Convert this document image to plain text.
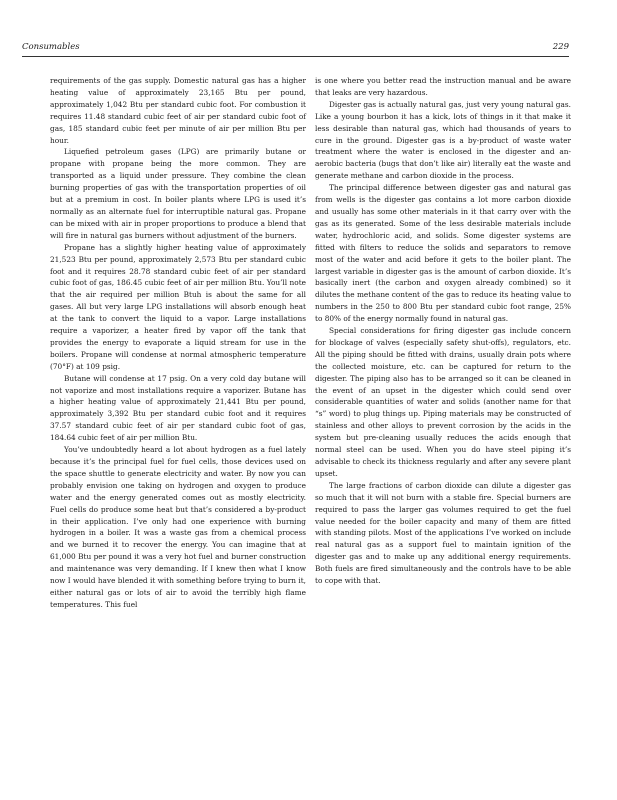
Consumables	229

requirements of the gas supply. Domestic natural gas has a higher heating value of approximately 23,165 Btu per pound, approximately 1,042 Btu per standard cubic foot. For combustion it requires 11.48 standard cubic feet of air per standard cubic foot of gas, 185 standard cubic feet per minute of air per million Btu per hour.

Liquefied petroleum gases (LPG) are primarily butane or propane with propane being the more common. They are transported as a liquid under pressure. They combine the clean burning properties of gas with the transportation properties of oil but at a premium in cost. In boiler plants where LPG is used it’s normally as an alternate fuel for interruptible natural gas. Propane can be mixed with air in proper proportions to produce a blend that will fire in natural gas burners without adjustment of the burners.

Propane has a slightly higher heating value of approximately 21,523 Btu per pound, approximately 2,573 Btu per standard cubic foot and it requires 28.78 standard cubic feet of air per standard cubic foot of gas, 186.45 cubic feet of air per million Btu. You’ll note that the air required per million Btuh is about the same for all gases. All but very large LPG installations will absorb enough heat at the tank to convert the liquid to a vapor. Large installations require a vaporizer, a heater fired by vapor off the tank that provides the energy to evaporate a liquid stream for use in the boilers. Propane will condense at normal atmospheric temperature (70°F) at 109 psig.

Butane will condense at 17 psig. On a very cold day butane will not vaporize and most installations require a vaporizer. Butane has a higher heating value of approximately 21,441 Btu per pound, approximately 3,392 Btu per standard cubic foot and it requires 37.57 standard cubic feet of air per standard cubic foot of gas, 184.64 cubic feet of air per million Btu.

You’ve undoubtedly heard a lot about hydrogen as a fuel lately because it’s the principal fuel for fuel cells, those devices used on the space shuttle to generate electricity and water. By now you can probably envision one taking on hydrogen and oxygen to produce water and the energy generated comes out as mostly electricity. Fuel cells do produce some heat but that’s considered a by-product in their application. I’ve only had one experience with burning hydrogen in a boiler. It was a waste gas from a chemical process and we burned it to recover the energy. You can imagine that at 61,000 Btu per pound it was a very hot fuel and burner construction and maintenance was very demanding. If I knew then what I know now I would have blended it with something before trying to burn it, either natural gas or lots of air to avoid the terribly high flame temperatures. This fuel

is one where you better read the instruction manual and be aware that leaks are very hazardous.

Digester gas is actually natural gas, just very young natural gas. Like a young bourbon it has a kick, lots of things in it that make it less desirable than natural gas, which had thousands of years to cure in the ground. Digester gas is a by-product of waste water treatment where the water is enclosed in the digester and anaerobic bacteria (bugs that don’t like air) literally eat the waste and generate methane and carbon dioxide in the process.

The principal difference between digester gas and natural gas from wells is the digester gas contains a lot more carbon dioxide and usually has some other materials in it that carry over with the gas as its generated. Some of the less desirable materials include water, hydrochloric acid, and solids. Some digester systems are fitted with filters to reduce the solids and separators to remove most of the water and acid before it gets to the boiler plant. The largest variable in digester gas is the amount of carbon dioxide. It’s basically inert (the carbon and oxygen already combined) so it dilutes the methane content of the gas to reduce its heating value to numbers in the 250 to 800 Btu per standard cubic foot range, 25% to 80% of the energy normally found in natural gas.

Special considerations for firing digester gas include concern for blockage of valves (especially safety shut-offs), regulators, etc. All the piping should be fitted with drains, usually drain pots where the collected moisture, etc. can be captured for return to the digester. The piping also has to be arranged so it can be cleaned in the event of an upset in the digester which could send over considerable quantities of water and solids (another name for that “s” word) to plug things up. Piping materials may be constructed of stainless and other alloys to prevent corrosion by the acids in the system but pre-cleaning usually reduces the acids enough that normal steel can be used. When you do have steel piping it’s advisable to check its thickness regularly and after any severe plant upset.

The large fractions of carbon dioxide can dilute a digester gas so much that it will not burn with a stable fire. Special burners are required to pass the larger gas volumes required to get the fuel value needed for the boiler capacity and many of them are fitted with standing pilots. Most of the applications I’ve worked on include real natural gas as a support fuel to maintain ignition of the digester gas and to make up any additional energy requirements. Both fuels are fired simultaneously and the controls have to be able to cope with that.
